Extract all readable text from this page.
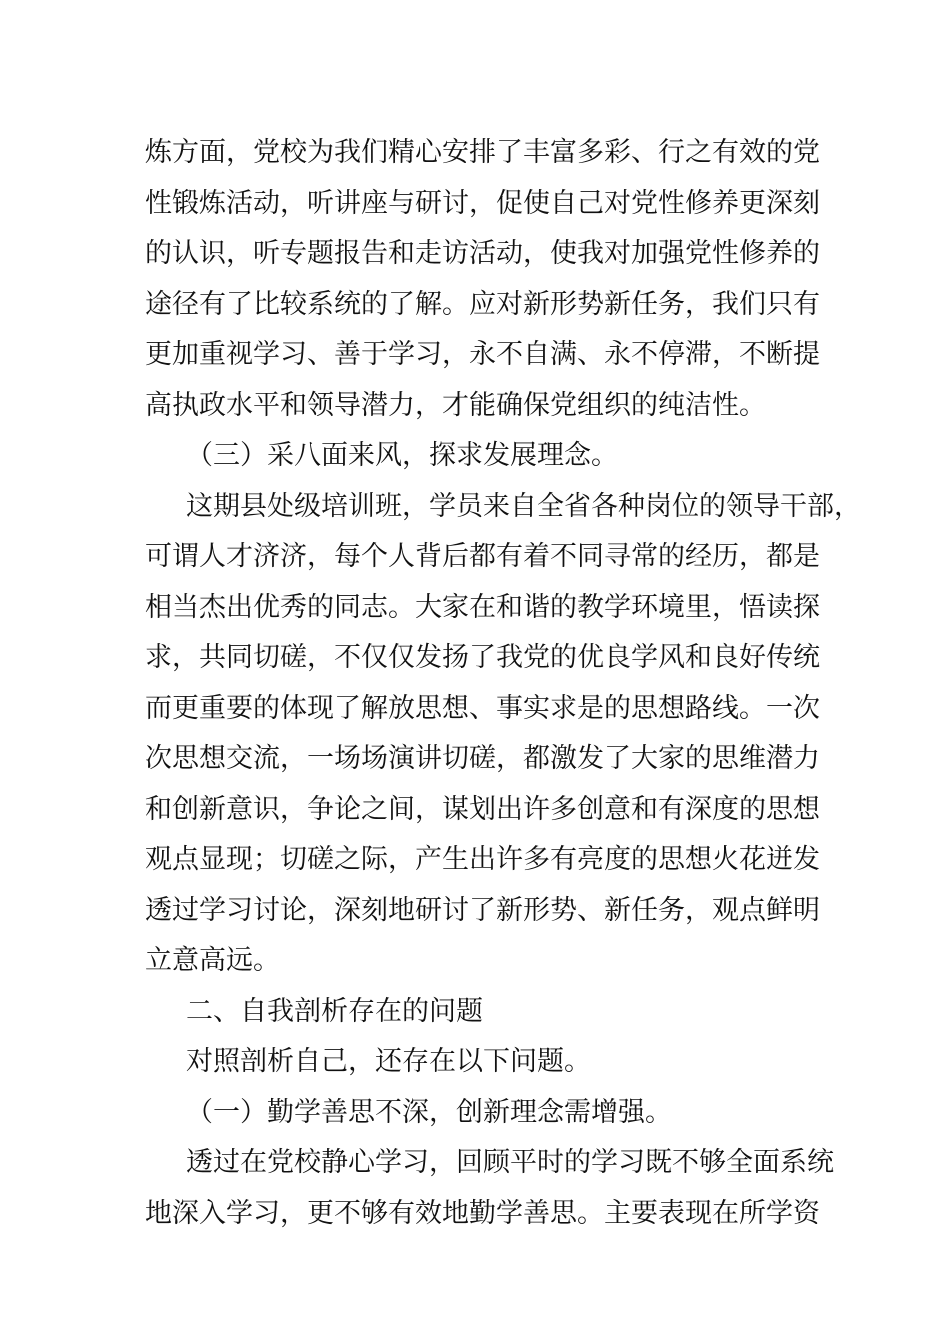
炼方面，党校为我们精心安排了丰富多彩、行之有效的党
性锻炼活动，听讲座与研讨，促使自己对党性修养更深刻
的认识，听专题报告和走访活动，使我对加强党性修养的
途径有了比较系统的了解。应对新形势新任务，我们只有
更加重视学习、善于学习，永不自满、永不停滞，不断提
高执政水平和领导潜力，才能确保党组织的纯洁性。
（三）采八面来风，探求发展理念。
这期县处级培训班，学员来自全省各种岗位的领导干部，
可谓人才济济，每个人背后都有着不同寻常的经历，都是
相当杰出优秀的同志。大家在和谐的教学环境里，悟读探
求，共同切磋，不仅仅发扬了我党的优良学风和良好传统
而更重要的体现了解放思想、事实求是的思想路线。一次
次思想交流，一场场演讲切磋，都激发了大家的思维潜力
和创新意识，争论之间，谋划出许多创意和有深度的思想
观点显现；切磋之际，产生出许多有亮度的思想火花迸发
透过学习讨论，深刻地研讨了新形势、新任务，观点鲜明
立意高远。
二、自我剖析存在的问题
对照剖析自己，还存在以下问题。
（一）勤学善思不深，创新理念需增强。
透过在党校静心学习，回顾平时的学习既不够全面系统
地深入学习，更不够有效地勤学善思。主要表现在所学资
